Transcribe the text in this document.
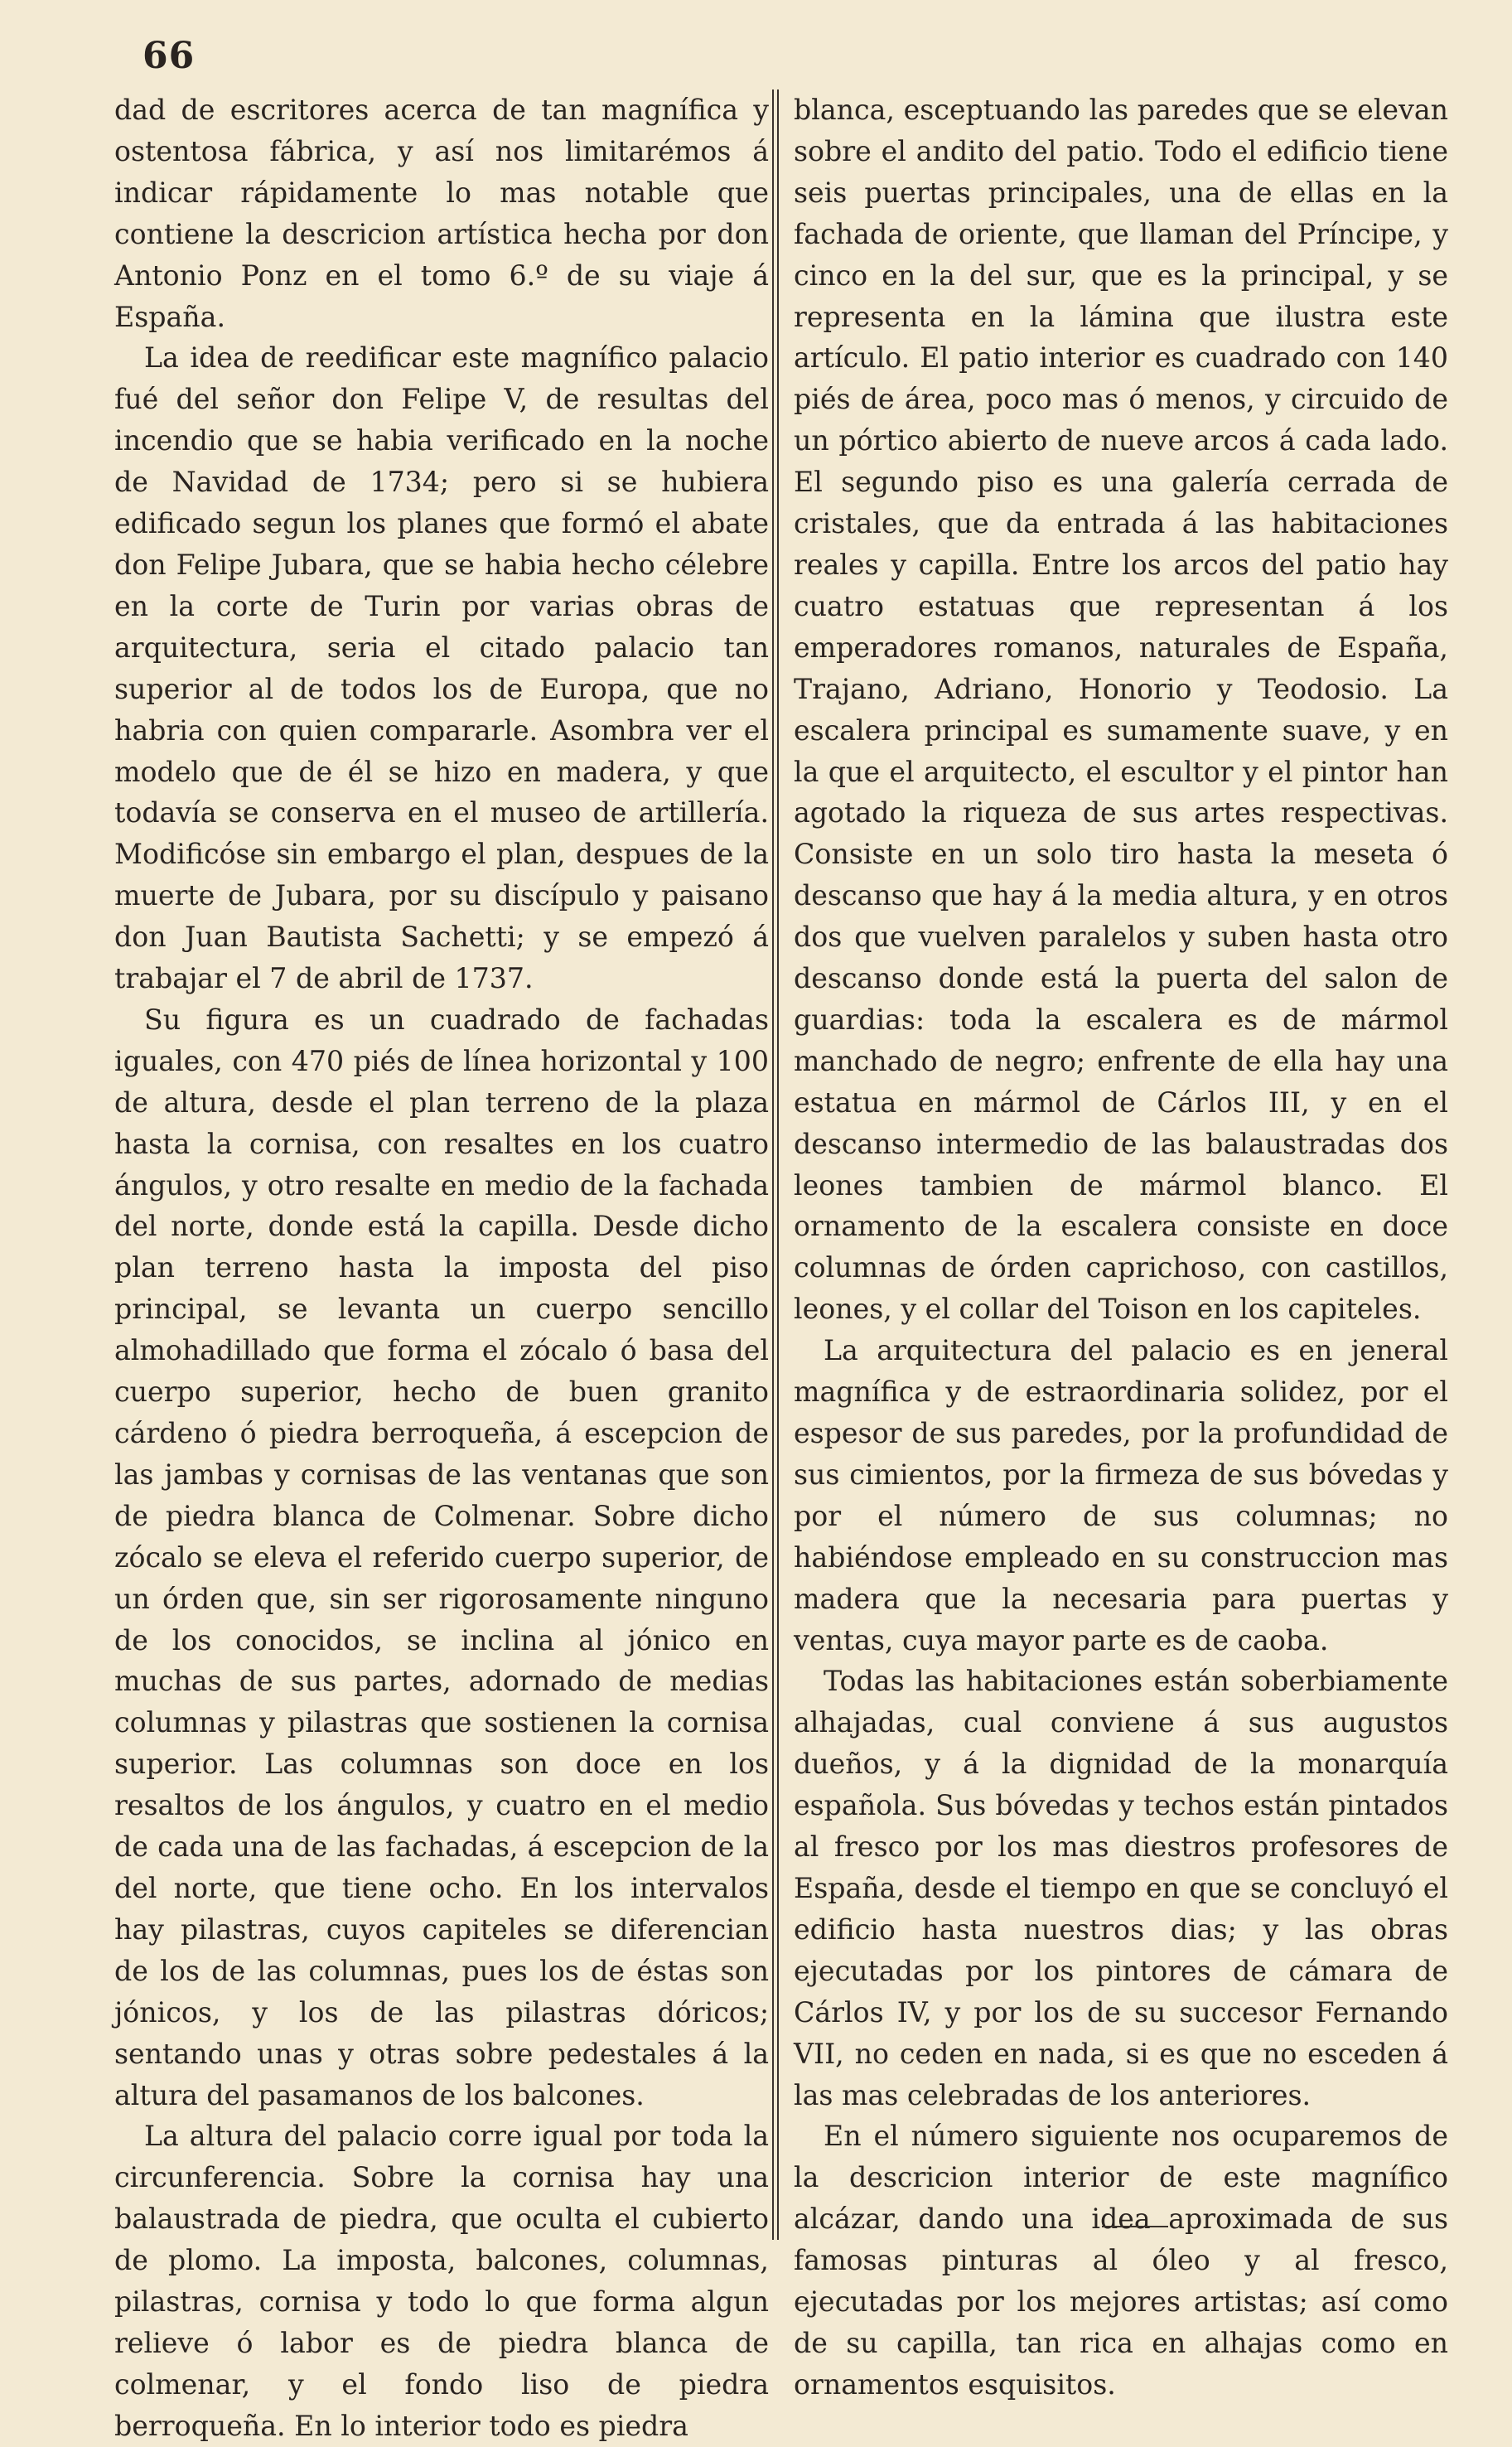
66

dad de escritores acerca de tan magnífica y ostentosa fábrica, y así nos limitarémos á indicar rápidamente lo mas notable que contiene la descricion artística hecha por don Antonio Ponz en el tomo 6.º de su viaje á España.

La idea de reedificar este magnífico palacio fué del señor don Felipe V, de resultas del incendio que se habia verificado en la noche de Navidad de 1734; pero si se hubiera edificado segun los planes que formó el abate don Felipe Jubara, que se habia hecho célebre en la corte de Turin por varias obras de arquitectura, seria el citado palacio tan superior al de todos los de Europa, que no habria con quien compararle. Asombra ver el modelo que de él se hizo en madera, y que todavía se conserva en el museo de artillería. Modificóse sin embargo el plan, despues de la muerte de Jubara, por su discípulo y paisano don Juan Bautista Sachetti; y se empezó á trabajar el 7 de abril de 1737.

Su figura es un cuadrado de fachadas iguales, con 470 piés de línea horizontal y 100 de altura, desde el plan terreno de la plaza hasta la cornisa, con resaltes en los cuatro ángulos, y otro resalte en medio de la fachada del norte, donde está la capilla. Desde dicho plan terreno hasta la imposta del piso principal, se levanta un cuerpo sencillo almohadillado que forma el zócalo ó basa del cuerpo superior, hecho de buen granito cárdeno ó piedra berroqueña, á escepcion de las jambas y cornisas de las ventanas que son de piedra blanca de Colmenar. Sobre dicho zócalo se eleva el referido cuerpo superior, de un órden que, sin ser rigorosamente ninguno de los conocidos, se inclina al jónico en muchas de sus partes, adornado de medias columnas y pilastras que sostienen la cornisa superior. Las columnas son doce en los resaltos de los ángulos, y cuatro en el medio de cada una de las fachadas, á escepcion de la del norte, que tiene ocho. En los intervalos hay pilastras, cuyos capiteles se diferencian de los de las columnas, pues los de éstas son jónicos, y los de las pilastras dóricos; sentando unas y otras sobre pedestales á la altura del pasamanos de los balcones.

La altura del palacio corre igual por toda la circunferencia. Sobre la cornisa hay una balaustrada de piedra, que oculta el cubierto de plomo. La imposta, balcones, columnas, pilastras, cornisa y todo lo que forma algun relieve ó labor es de piedra blanca de colmenar, y el fondo liso de piedra berroqueña. En lo interior todo es piedra

blanca, esceptuando las paredes que se elevan sobre el andito del patio. Todo el edificio tiene seis puertas principales, una de ellas en la fachada de oriente, que llaman del Príncipe, y cinco en la del sur, que es la principal, y se representa en la lámina que ilustra este artículo. El patio interior es cuadrado con 140 piés de área, poco mas ó menos, y circuido de un pórtico abierto de nueve arcos á cada lado. El segundo piso es una galería cerrada de cristales, que da entrada á las habitaciones reales y capilla. Entre los arcos del patio hay cuatro estatuas que representan á los emperadores romanos, naturales de España, Trajano, Adriano, Honorio y Teodosio. La escalera principal es sumamente suave, y en la que el arquitecto, el escultor y el pintor han agotado la riqueza de sus artes respectivas. Consiste en un solo tiro hasta la meseta ó descanso que hay á la media altura, y en otros dos que vuelven paralelos y suben hasta otro descanso donde está la puerta del salon de guardias: toda la escalera es de mármol manchado de negro; enfrente de ella hay una estatua en mármol de Cárlos III, y en el descanso intermedio de las balaustradas dos leones tambien de mármol blanco. El ornamento de la escalera consiste en doce columnas de órden caprichoso, con castillos, leones, y el collar del Toison en los capiteles.

La arquitectura del palacio es en jeneral magnífica y de estraordinaria solidez, por el espesor de sus paredes, por la profundidad de sus cimientos, por la firmeza de sus bóvedas y por el número de sus columnas; no habiéndose empleado en su construccion mas madera que la necesaria para puertas y ventas, cuya mayor parte es de caoba.

Todas las habitaciones están soberbiamente alhajadas, cual conviene á sus augustos dueños, y á la dignidad de la monarquía española. Sus bóvedas y techos están pintados al fresco por los mas diestros profesores de España, desde el tiempo en que se concluyó el edificio hasta nuestros dias; y las obras ejecutadas por los pintores de cámara de Cárlos IV, y por los de su succesor Fernando VII, no ceden en nada, si es que no esceden á las mas celebradas de los anteriores.

En el número siguiente nos ocuparemos de la descricion interior de este magnífico alcázar, dando una idea aproximada de sus famosas pinturas al óleo y al fresco, ejecutadas por los mejores artistas; así como de su capilla, tan rica en alhajas como en ornamentos esquisitos.
